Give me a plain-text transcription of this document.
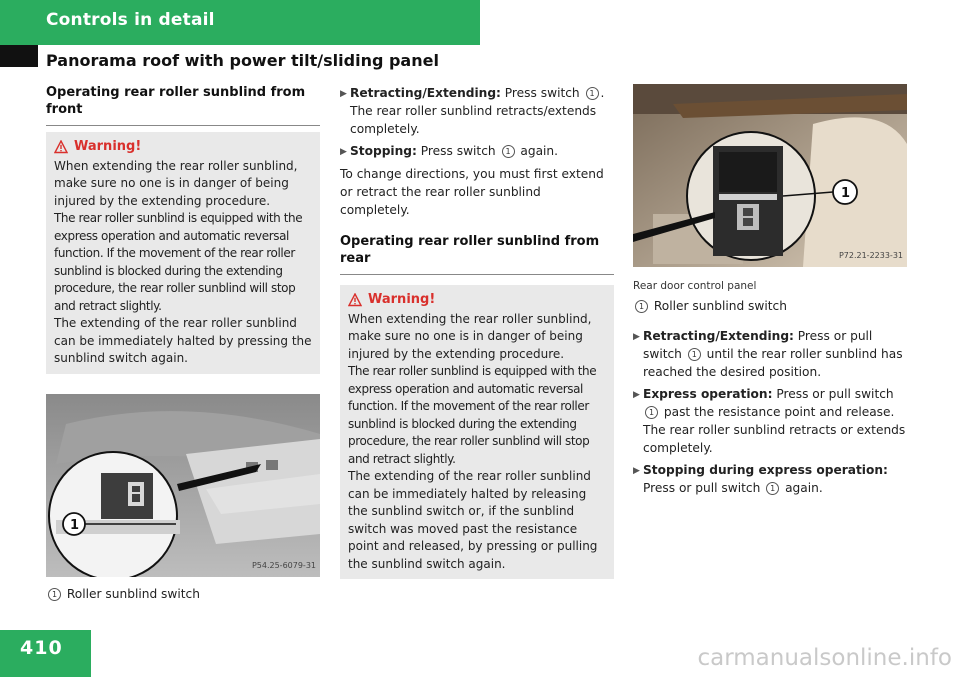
Controls in detail
Panorama roof with power tilt/sliding panel
Operating rear roller sunblind from
front
Warning!
When extending the rear roller sunblind, make sure no one is in danger of being injured by the extending procedure.
The rear roller sunblind is equipped with the express operation and automatic reversal function. If the movement of the rear roller sunblind is blocked during the extending procedure, the rear roller sunblind will stop and retract slightly.
The extending of the rear roller sunblind can be immediately halted by pressing the sunblind switch again.
1
P54.25-6079-31
1 Roller sunblind switch
▶ Retracting/Extending: Press switch 1 . The rear roller sunblind retracts/extends completely.
▶ Stopping: Press switch 1 again.

To change directions, you must first extend or retract the rear roller sunblind completely.

Operating rear roller sunblind from rear
Warning!
When extending the rear roller sunblind, make sure no one is in danger of being injured by the extending procedure.
The rear roller sunblind is equipped with the express operation and automatic reversal function. If the movement of the rear roller sunblind is blocked during the extending procedure, the rear roller sunblind will stop and retract slightly.
The extending of the rear roller sunblind can be immediately halted by releasing the sunblind switch or, if the sunblind switch was moved past the resistance point and released, by pressing or pulling the sunblind switch again.
1
P72.21-2233-31
Rear door control panel
1 Roller sunblind switch
▶ Retracting/Extending: Press or pull switch 1 until the rear roller sunblind has reached the desired position.
▶ Express operation: Press or pull switch 1 past the resistance point and release. The rear roller sunblind retracts or extends completely.
▶ Stopping during express operation:
Press or pull switch 1 again.
410	carmanualsonline.info
